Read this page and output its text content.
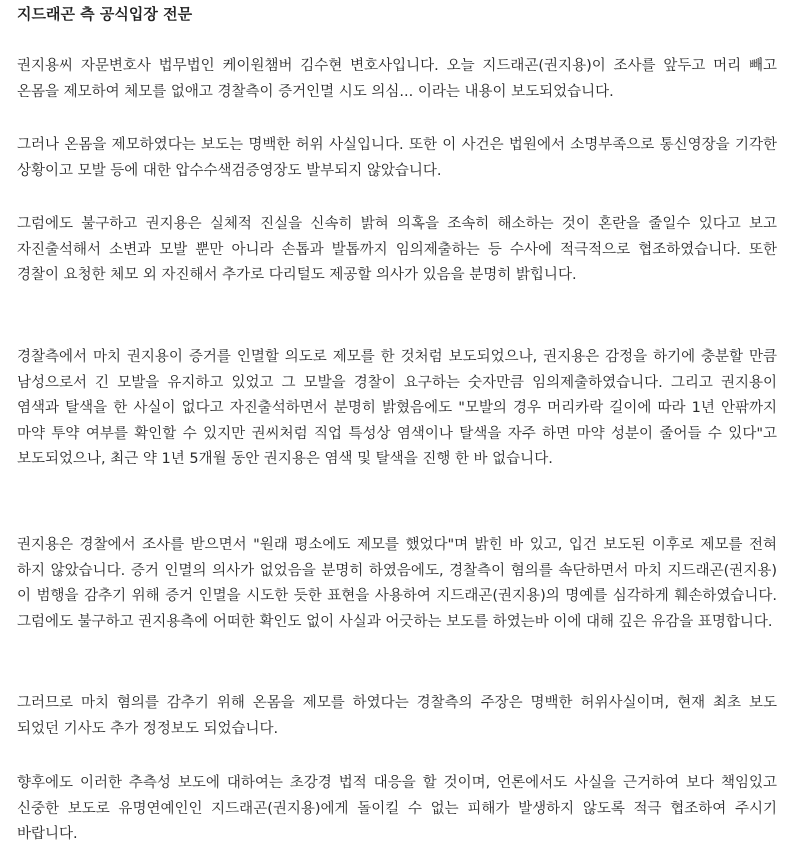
지드래곤 측 공식입장 전문

권지용씨 자문변호사 법무법인 케이원챔버 김수현 변호사입니다. 오늘 지드래곤(권지용)이 조사를 앞두고 머리 빼고 온몸을 제모하여 체모를 없애고 경찰측이 증거인멸 시도 의심... 이라는 내용이 보도되었습니다.

그러나 온몸을 제모하였다는 보도는 명백한 허위 사실입니다. 또한 이 사건은 법원에서 소명부족으로 통신영장을 기각한 상황이고 모발 등에 대한 압수수색검증영장도 발부되지 않았습니다.

그럼에도 불구하고 권지용은 실체적 진실을 신속히 밝혀 의혹을 조속히 해소하는 것이 혼란을 줄일수 있다고 보고 자진출석해서 소변과 모발 뿐만 아니라 손톱과 발톱까지 임의제출하는 등 수사에 적극적으로 협조하였습니다. 또한 경찰이 요청한 체모 외 자진해서 추가로 다리털도 제공할 의사가 있음을 분명히 밝힙니다.

경찰측에서 마치 권지용이 증거를 인멸할 의도로 제모를 한 것처럼 보도되었으나, 권지용은 감정을 하기에 충분할 만큼 남성으로서 긴 모발을 유지하고 있었고 그 모발을 경찰이 요구하는 숫자만큼 임의제출하였습니다. 그리고 권지용이 염색과 탈색을 한 사실이 없다고 자진출석하면서 분명히 밝혔음에도 "모발의 경우 머리카락 길이에 따라 1년 안팎까지 마약 투약 여부를 확인할 수 있지만 권씨처럼 직업 특성상 염색이나 탈색을 자주 하면 마약 성분이 줄어들 수 있다"고 보도되었으나, 최근 약 1년 5개월 동안 권지용은 염색 및 탈색을 진행 한 바 없습니다.

권지용은 경찰에서 조사를 받으면서 "원래 평소에도 제모를 했었다"며 밝힌 바 있고, 입건 보도된 이후로 제모를 전혀 하지 않았습니다. 증거 인멸의 의사가 없었음을 분명히 하였음에도, 경찰측이 혐의를 속단하면서 마치 지드래곤(권지용)이 범행을 감추기 위해 증거 인멸을 시도한 듯한 표현을 사용하여 지드래곤(권지용)의 명예를 심각하게 훼손하였습니다. 그럼에도 불구하고 권지용측에 어떠한 확인도 없이 사실과 어긋하는 보도를 하였는바 이에 대해 깊은 유감을 표명합니다.

그러므로 마치 혐의를 감추기 위해 온몸을 제모를 하였다는 경찰측의 주장은 명백한 허위사실이며, 현재 최초 보도 되었던 기사도 추가 정정보도 되었습니다.

향후에도 이러한 추측성 보도에 대하여는 초강경 법적 대응을 할 것이며, 언론에서도 사실을 근거하여 보다 책임있고 신중한 보도로 유명연예인인 지드래곤(권지용)에게 돌이킬 수 없는 피해가 발생하지 않도록 적극 협조하여 주시기 바랍니다.
